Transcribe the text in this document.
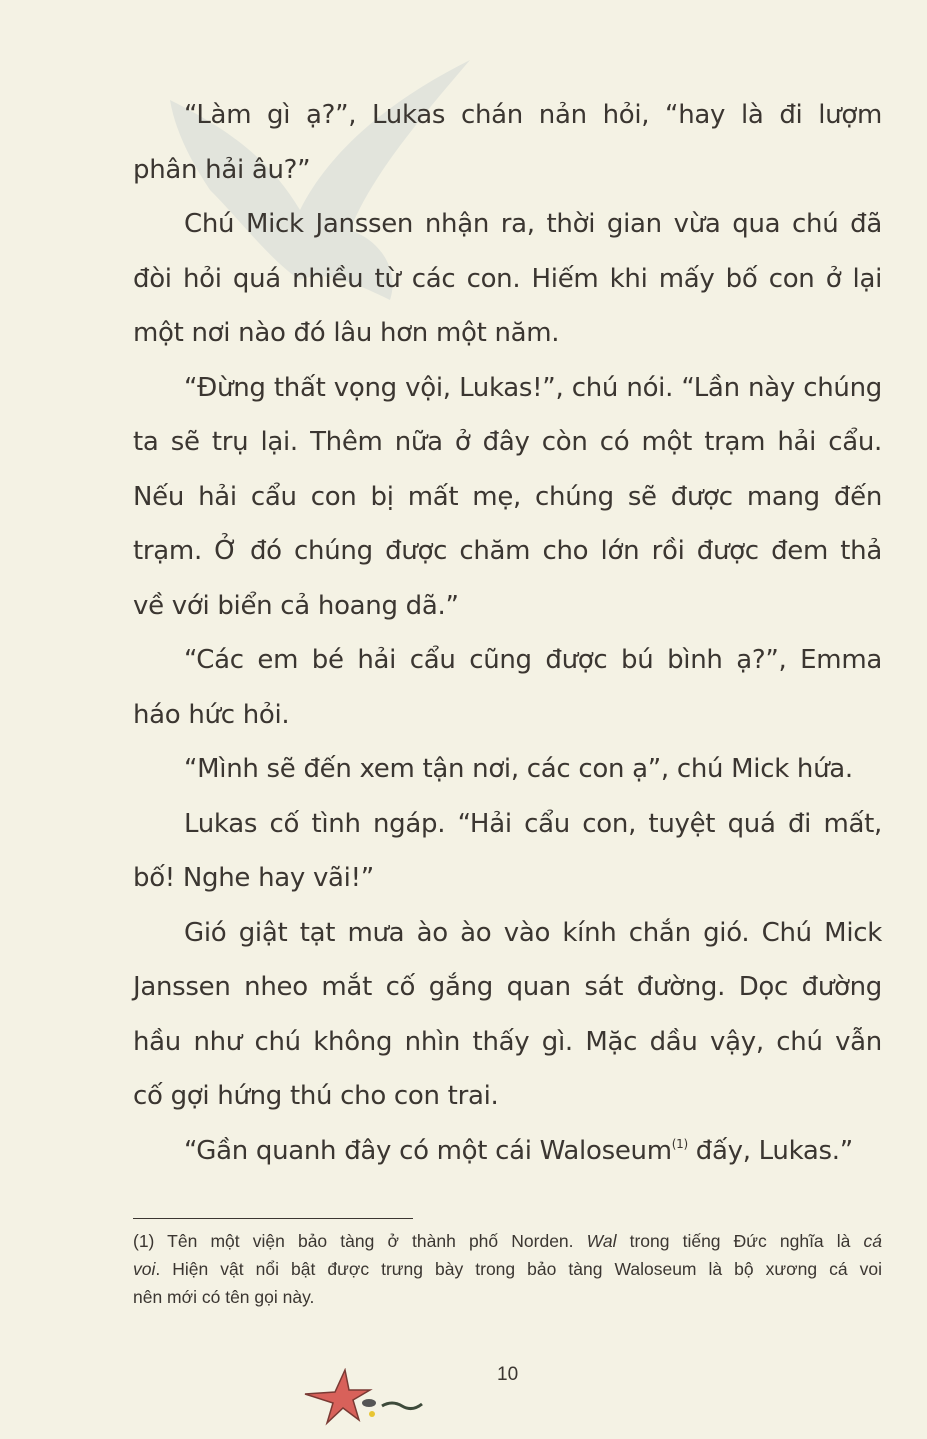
“Làm gì ạ?”, Lukas chán nản hỏi, “hay là đi lượm
phân hải âu?”
Chú Mick Janssen nhận ra, thời gian vừa qua chú đã
đòi hỏi quá nhiều từ các con. Hiếm khi mấy bố con ở lại
một nơi nào đó lâu hơn một năm.
“Đừng thất vọng vội, Lukas!”, chú nói. “Lần này chúng
ta sẽ trụ lại. Thêm nữa ở đây còn có một trạm hải cẩu.
Nếu hải cẩu con bị mất mẹ, chúng sẽ được mang đến
trạm. Ở đó chúng được chăm cho lớn rồi được đem thả
về với biển cả hoang dã.”
“Các em bé hải cẩu cũng được bú bình ạ?”, Emma
háo hức hỏi.
“Mình sẽ đến xem tận nơi, các con ạ”, chú Mick hứa.
Lukas cố tình ngáp. “Hải cẩu con, tuyệt quá đi mất,
bố! Nghe hay vãi!”
Gió giật tạt mưa ào ào vào kính chắn gió. Chú Mick
Janssen nheo mắt cố gắng quan sát đường. Dọc đường
hầu như chú không nhìn thấy gì. Mặc dầu vậy, chú vẫn
cố gợi hứng thú cho con trai.
“Gần quanh đây có một cái Waloseum$^{(1)}$ đấy, Lukas.”
(1) Tên một viện bảo tàng ở thành phố Norden. Wal trong tiếng Đức nghĩa là cá
voi. Hiện vật nổi bật được trưng bày trong bảo tàng Waloseum là bộ xương cá voi
nên mới có tên gọi này.
10
